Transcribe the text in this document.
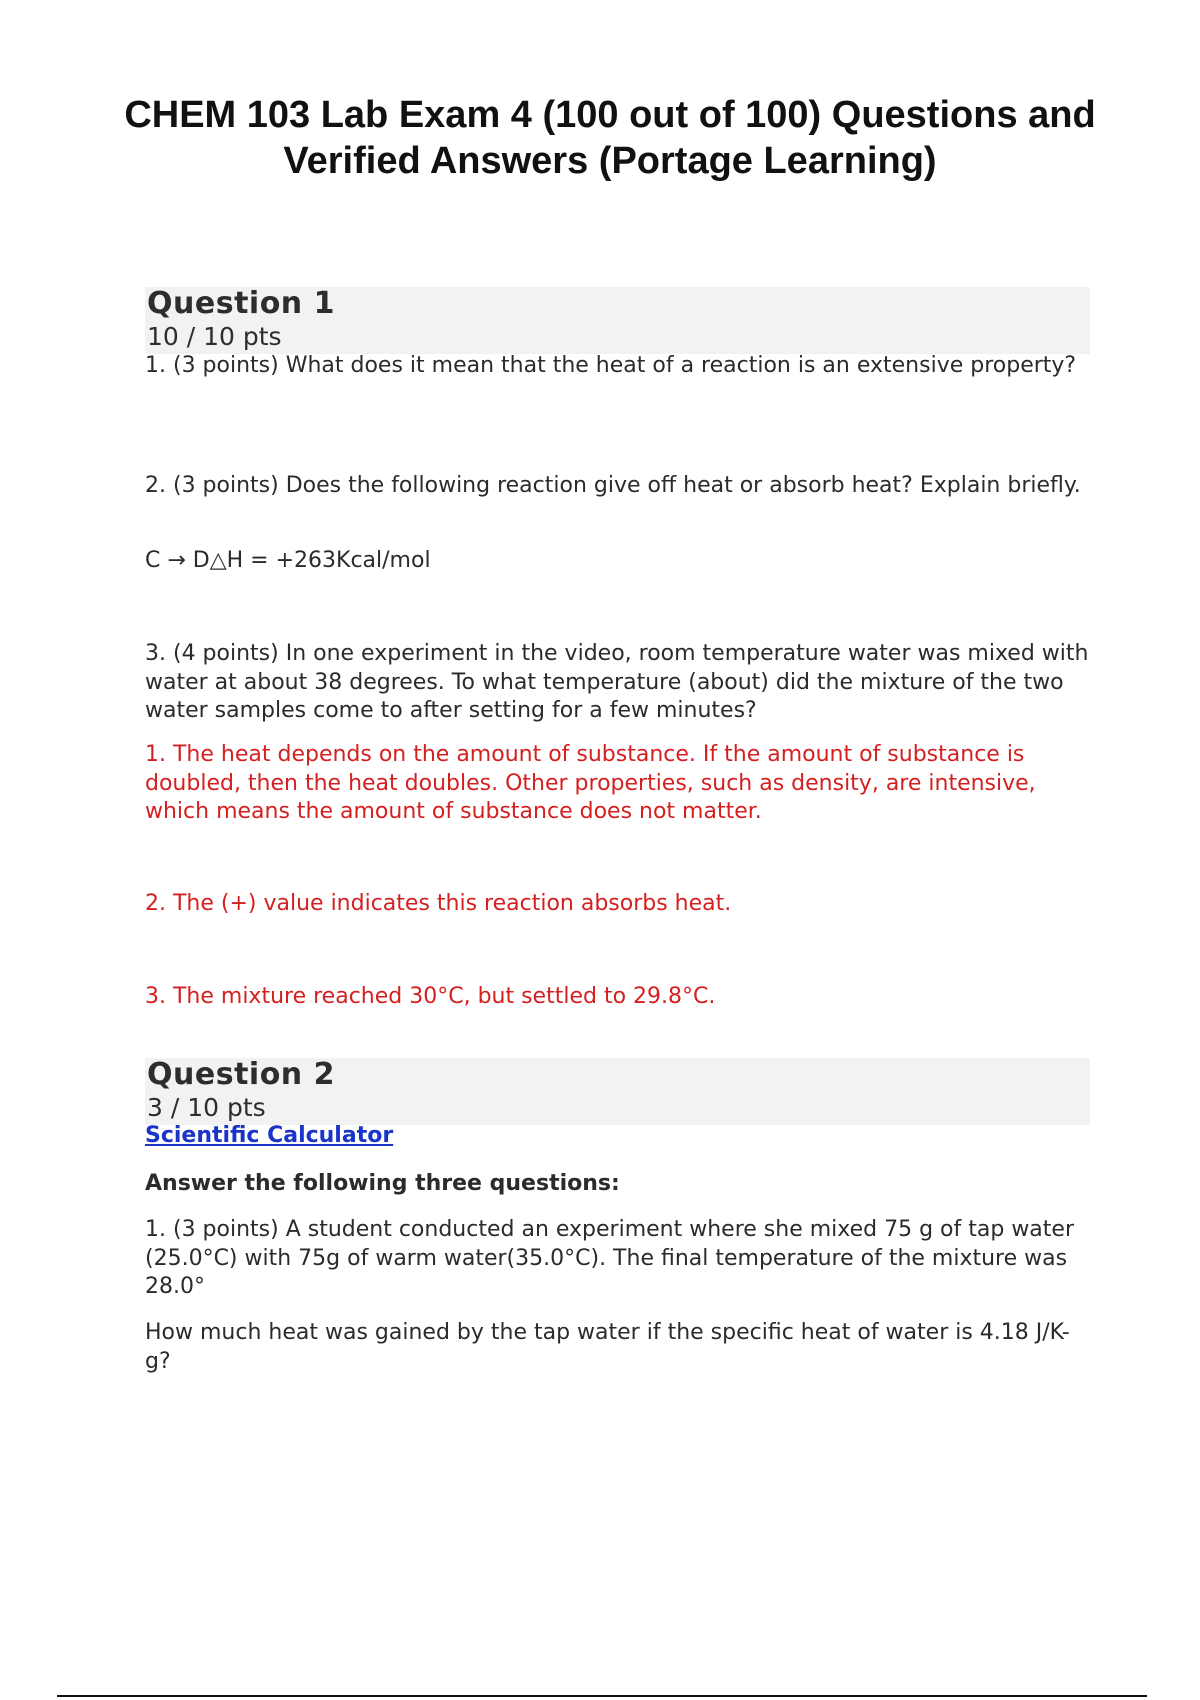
CHEM 103 Lab Exam 4 (100 out of 100) Questions and Verified Answers (Portage Learning)
Question 1
10 / 10 pts

1. (3 points) What does it mean that the heat of a reaction is an extensive property?

2. (3 points) Does the following reaction give off heat or absorb heat? Explain briefly.

C → D△H = +263Kcal/mol

3. (4 points) In one experiment in the video, room temperature water was mixed with water at about 38 degrees. To what temperature (about) did the mixture of the two water samples come to after setting for a few minutes?

1. The heat depends on the amount of substance. If the amount of substance is doubled, then the heat doubles. Other properties, such as density, are intensive, which means the amount of substance does not matter.

2. The (+) value indicates this reaction absorbs heat.

3. The mixture reached 30°C, but settled to 29.8°C.

Question 2
3 / 10 pts
Scientific Calculator
Answer the following three questions:

1. (3 points) A student conducted an experiment where she mixed 75 g of tap water (25.0°C) with 75g of warm water(35.0°C). The final temperature of the mixture was 28.0°

How much heat was gained by the tap water if the specific heat of water is 4.18 J/K-g?
